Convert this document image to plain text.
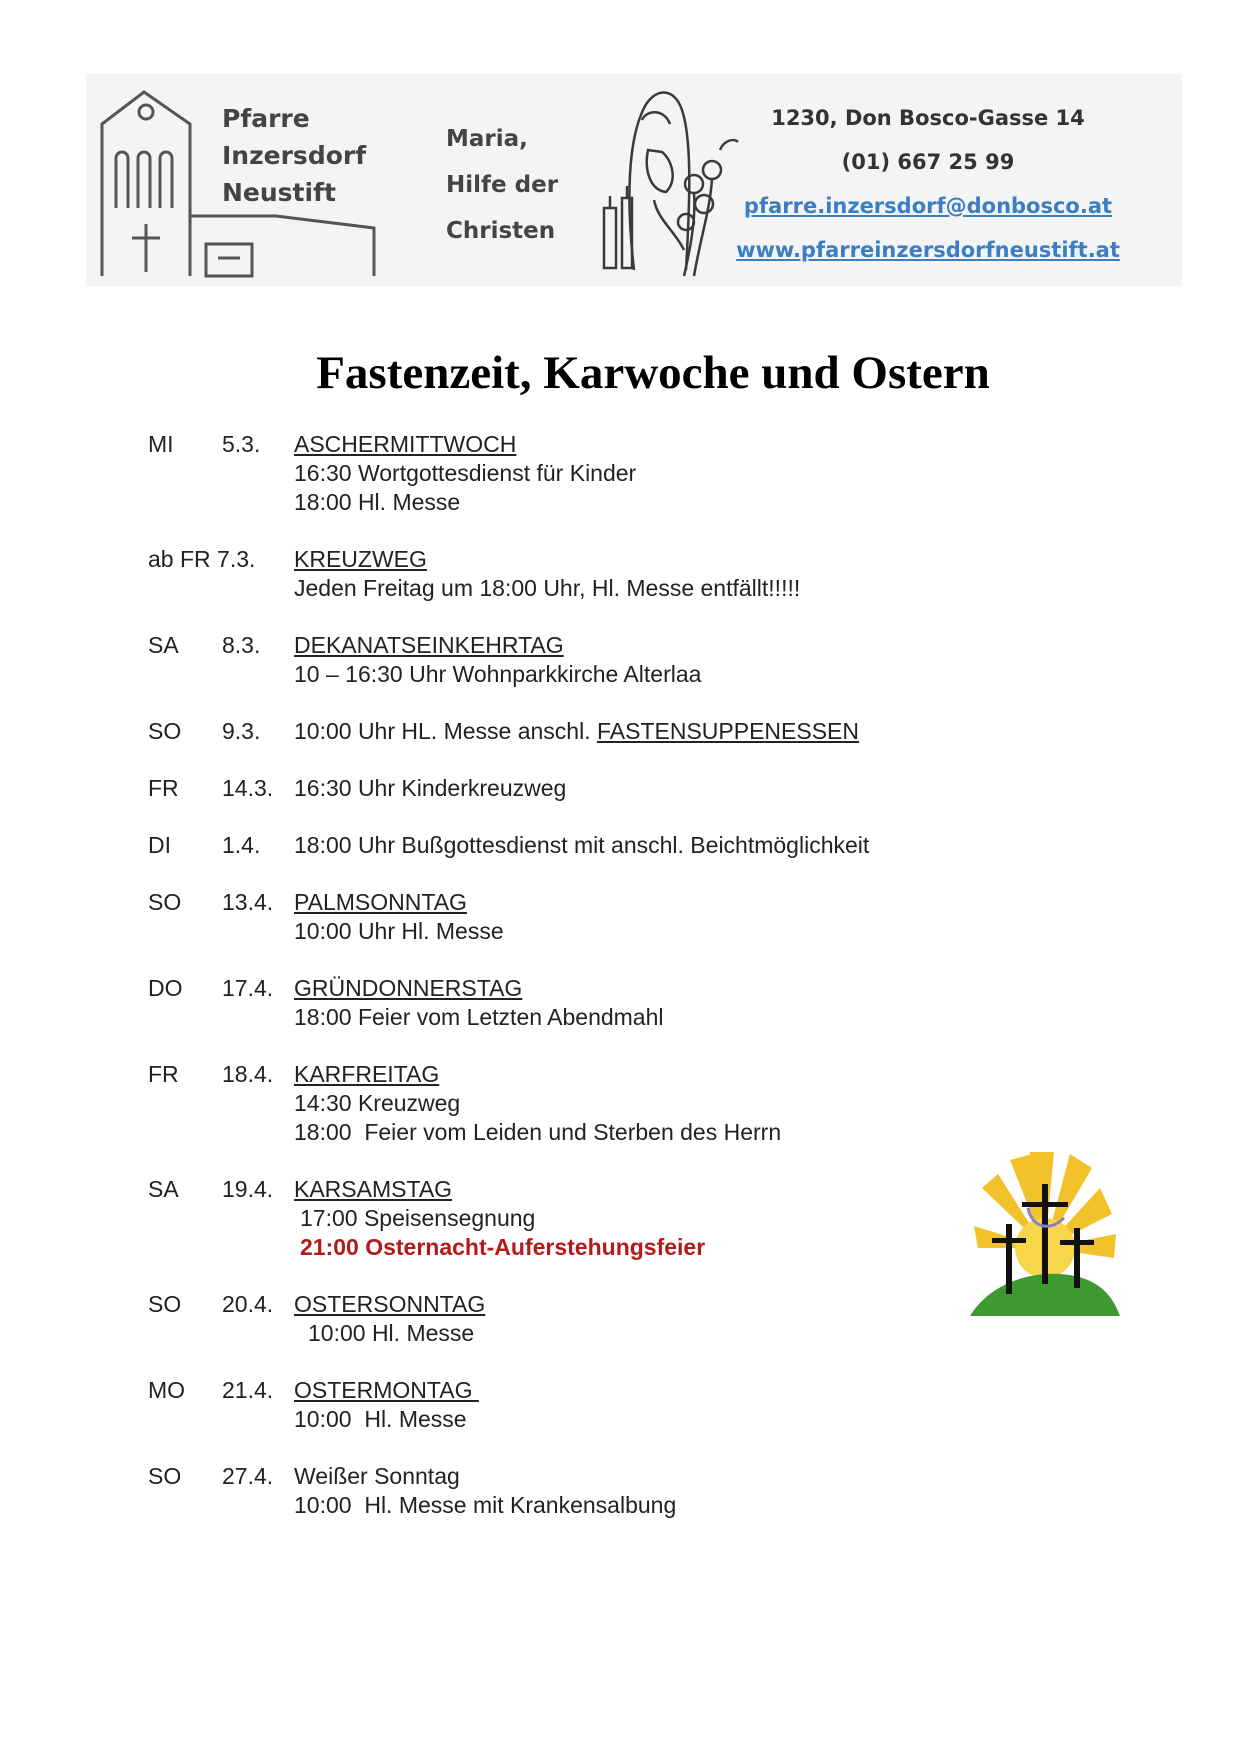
Pfarre
Inzersdorf
Neustift
Maria,
Hilfe der
Christen
1230, Don Bosco-Gasse 14
(01) 667 25 99
pfarre.inzersdorf@donbosco.at
www.pfarreinzersdorfneustift.at
Fastenzeit, Karwoche und Ostern
MI 5.3. ASCHERMITTWOCH
16:30 Wortgottesdienst für Kinder
18:00 Hl. Messe
ab FR 7.3. KREUZWEG
Jeden Freitag um 18:00 Uhr, Hl. Messe entfällt!!!!!
SA 8.3. DEKANATSEINKEHRTAG
10 – 16:30 Uhr Wohnparkkirche Alterlaa
SO 9.3. 10:00 Uhr HL. Messe anschl. FASTENSUPPENESSEN
FR 14.3. 16:30 Uhr Kinderkreuzweg
DI 1.4. 18:00 Uhr Bußgottesdienst mit anschl. Beichtmöglichkeit
SO 13.4. PALMSONNTAG
10:00 Uhr Hl. Messe
DO 17.4. GRÜNDONNERSTAG
18:00 Feier vom Letzten Abendmahl
FR 18.4. KARFREITAG
14:30 Kreuzweg
18:00  Feier vom Leiden und Sterben des Herrn
SA 19.4. KARSAMSTAG
17:00 Speisensegnung
21:00 Osternacht-Auferstehungsfeier
SO 20.4. OSTERSONNTAG
10:00 Hl. Messe
MO 21.4. OSTERMONTAG
10:00  Hl. Messe
SO 27.4. Weißer Sonntag
10:00  Hl. Messe mit Krankensalbung
